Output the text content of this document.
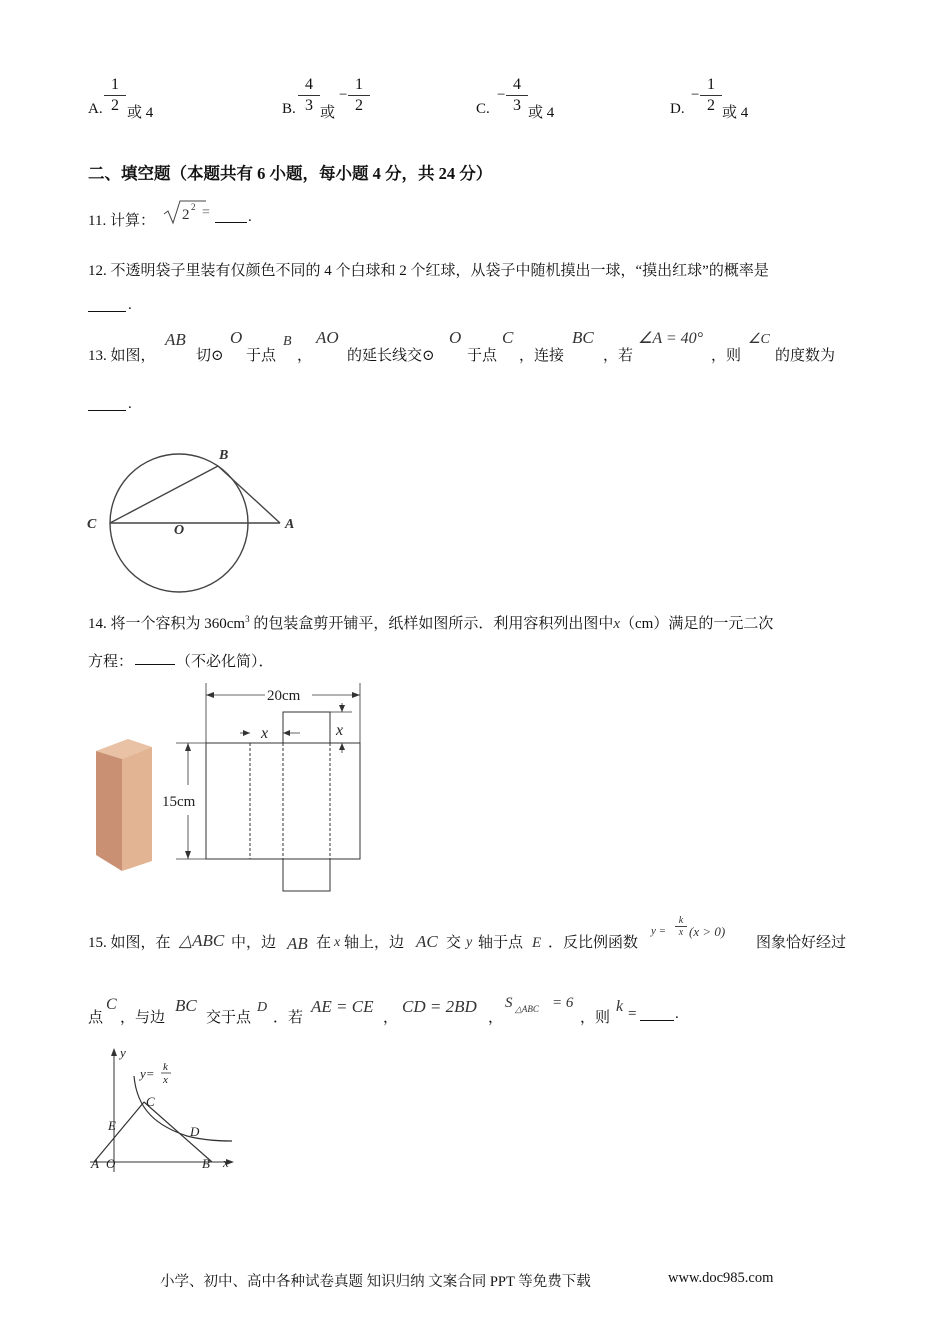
A.
1
2 或 4	B.
4
3 或
−
1
2	C.
−
4
3 或 4	D.
−
1
2 或 4
二、填空题（本题共有 6 小题，每小题 4 分，共 24 分）
11. 计算： 2 2 =	.
12. 不透明袋子里装有仅颜色不同的 4 个白球和 2 个红球，从袋子中随机摸出一球，“摸出红球”的概率是
.
13. 如图，
AB
切⊙
O
于点
B
，
AO
的延长线交⊙
O
于点
C
，连接
BC
，若
∠A = 40°
，则
∠C
的度数为
.
C	O	A
B
14. 将一个容积为 $360cm^3$ 的包装盒剪开铺平，纸样如图所示．利用容积列出图中x（cm）满足的一元二次
方程：	（不必化简）．
20cm
x	x
15cm
15. 如图，在 △ABC 中，边 AB 在 x 轴上，边 AC 交 y 轴于点 E ．反比例函数
y =
k
x (x > 0)
图象恰好经过
点
C
，与边
BC
交于点
D
．若
AE = CE
，
CD = 2BD
，
S △ABC = 6
，则
k =	.
y
x
y= k
x
C
E	D
A O	B
小学、初中、高中各种试卷真题 知识归纳 文案合同 PPT 等免费下载	www.doc985.com
